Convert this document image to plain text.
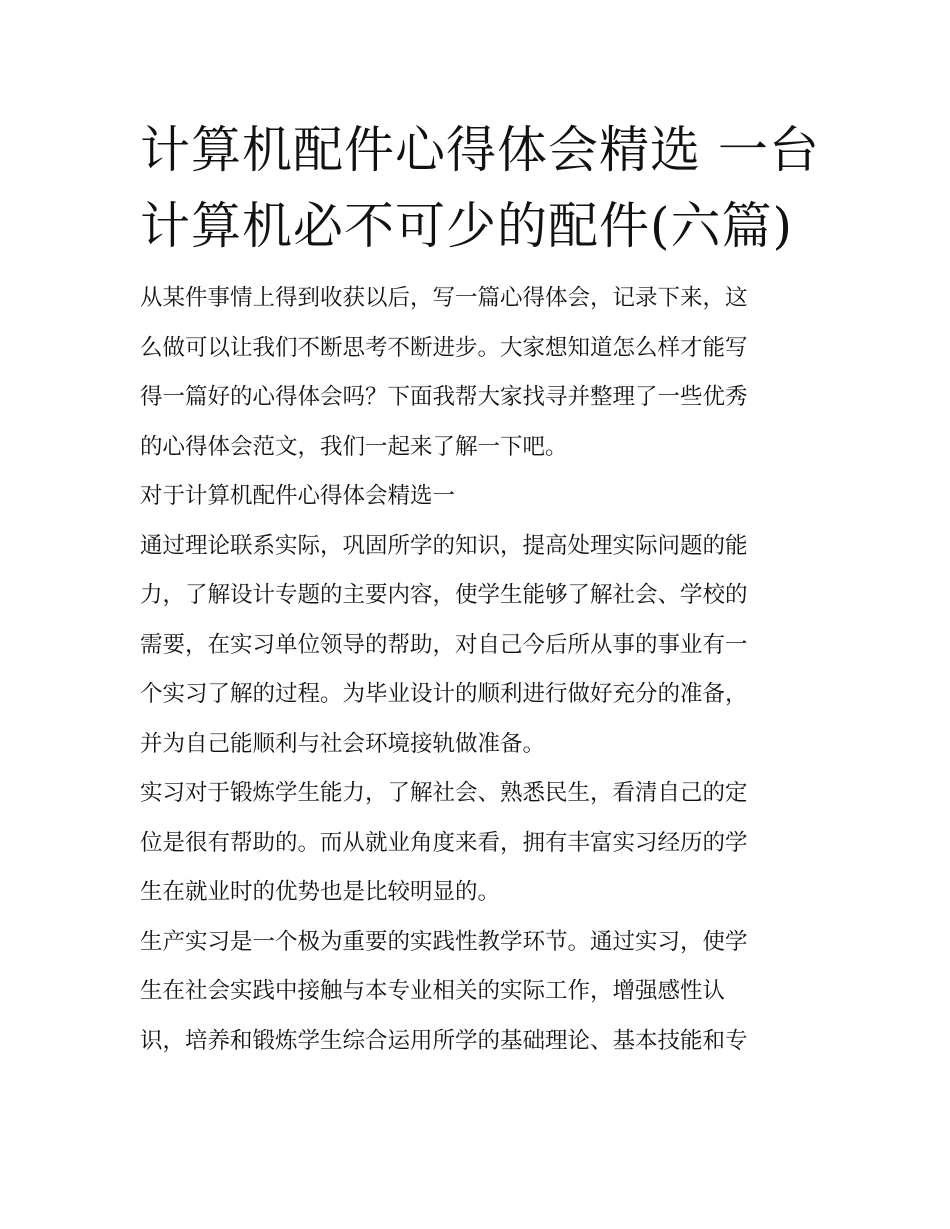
计算机配件心得体会精选 一台
计算机必不可少的配件(六篇)

从某件事情上得到收获以后，写一篇心得体会，记录下来，这
么做可以让我们不断思考不断进步。大家想知道怎么样才能写
得一篇好的心得体会吗？下面我帮大家找寻并整理了一些优秀
的心得体会范文，我们一起来了解一下吧。

对于计算机配件心得体会精选一

通过理论联系实际，巩固所学的知识，提高处理实际问题的能
力，了解设计专题的主要内容，使学生能够了解社会、学校的
需要，在实习单位领导的帮助，对自己今后所从事的事业有一
个实习了解的过程。为毕业设计的顺利进行做好充分的准备，
并为自己能顺利与社会环境接轨做准备。

实习对于锻炼学生能力，了解社会、熟悉民生，看清自己的定
位是很有帮助的。而从就业角度来看，拥有丰富实习经历的学
生在就业时的优势也是比较明显的。

生产实习是一个极为重要的实践性教学环节。通过实习，使学
生在社会实践中接触与本专业相关的实际工作，增强感性认
识，培养和锻炼学生综合运用所学的基础理论、基本技能和专
